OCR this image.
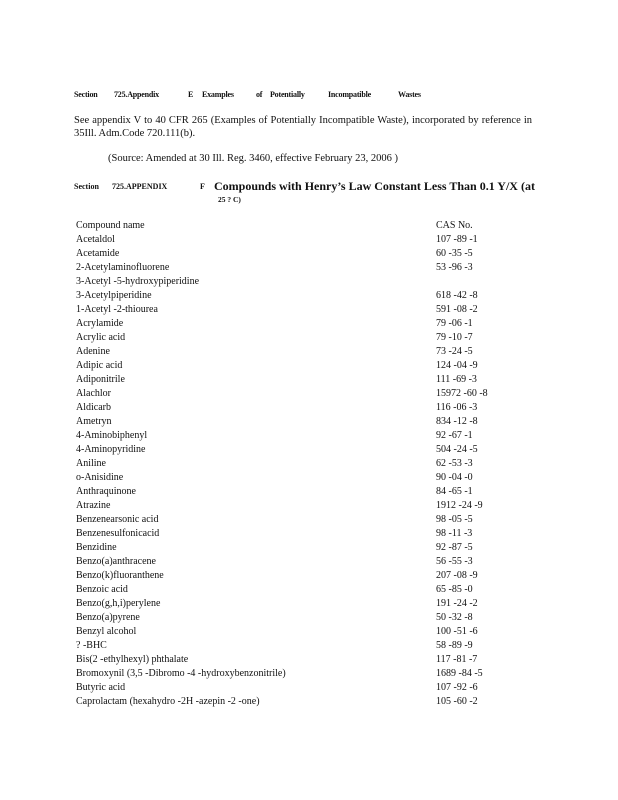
Section 725.Appendix	E Examples	of Potentially	Incompatible	Wastes
See appendix V to 40 CFR 265 (Examples of Potentially Incompatible Waste), incorporated by reference in 35Ill. Adm.Code 720.111(b).
(Source: Amended at 30 Ill. Reg. 3460, effective February 23, 2006 )
Section 725.APPENDIX	F Compounds with Henry’s Law Constant Less Than 0.1 Y/X (at
25 ? C)
Compound name	CAS No.
Acetaldol	107 -89 -1
Acetamide	60 -35 -5
2-Acetylaminofluorene	53 -96 -3
3-Acetyl -5-hydroxypiperidine	
3-Acetylpiperidine	618 -42 -8
1-Acetyl -2-thiourea	591 -08 -2
Acrylamide	79 -06 -1
Acrylic acid	79 -10 -7
Adenine	73 -24 -5
Adipic acid	124 -04 -9
Adiponitrile	111 -69 -3
Alachlor	15972 -60 -8
Aldicarb	116 -06 -3
Ametryn	834 -12 -8
4-Aminobiphenyl	92 -67 -1
4-Aminopyridine	504 -24 -5
Aniline	62 -53 -3
o-Anisidine	90 -04 -0
Anthraquinone	84 -65 -1
Atrazine	1912 -24 -9
Benzenearsonic acid	98 -05 -5
Benzenesulfonicacid	98 -11 -3
Benzidine	92 -87 -5
Benzo(a)anthracene	56 -55 -3
Benzo(k)fluoranthene	207 -08 -9
Benzoic acid	65 -85 -0
Benzo(g,h,i)perylene	191 -24 -2
Benzo(a)pyrene	50 -32 -8
Benzyl alcohol	100 -51 -6
? -BHC	58 -89 -9
Bis(2 -ethylhexyl) phthalate	117 -81 -7
Bromoxynil (3,5 -Dibromo -4 -hydroxybenzonitrile)	1689 -84 -5
Butyric acid	107 -92 -6
Caprolactam (hexahydro -2H -azepin -2 -one)	105 -60 -2
